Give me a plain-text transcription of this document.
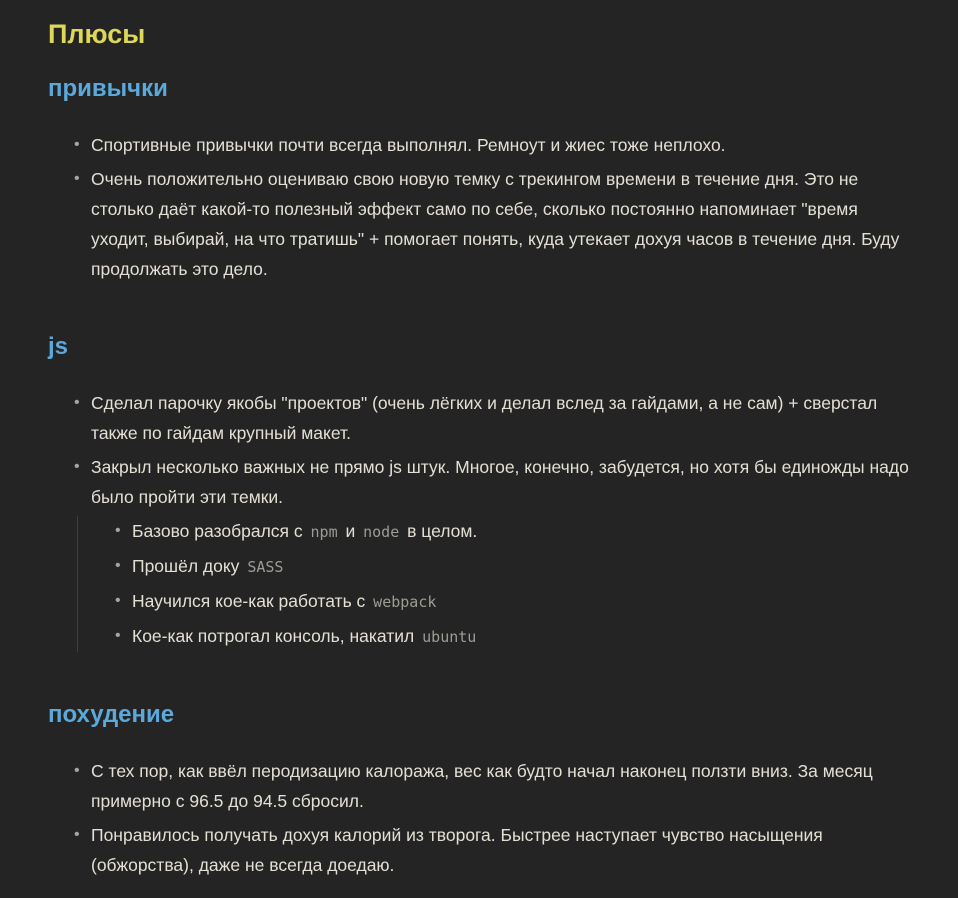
Плюсы
привычки
• Спортивные привычки почти всегда выполнял. Ремноут и жиес тоже неплохо.
• Очень положительно оцениваю свою новую темку с трекингом времени в течение дня. Это не столько даёт какой-то полезный эффект само по себе, сколько постоянно напоминает "время уходит, выбирай, на что тратишь" + помогает понять, куда утекает дохуя часов в течение дня. Буду продолжать это дело.
js
• Сделал парочку якобы "проектов" (очень лёгких и делал вслед за гайдами, а не сам) + сверстал также по гайдам крупный макет.
• Закрыл несколько важных не прямо js штук. Многое, конечно, забудется, но хотя бы единожды надо было пройти эти темки.
• Базово разобрался с npm и node в целом.
• Прошёл доку SASS
• Научился кое-как работать с webpack
• Кое-как потрогал консоль, накатил ubuntu
похудение
• С тех пор, как ввёл перодизацию калоража, вес как будто начал наконец ползти вниз. За месяц примерно с 96.5 до 94.5 сбросил.
• Понравилось получать дохуя калорий из творога. Быстрее наступает чувство насыщения (обжорства), даже не всегда доедаю.
